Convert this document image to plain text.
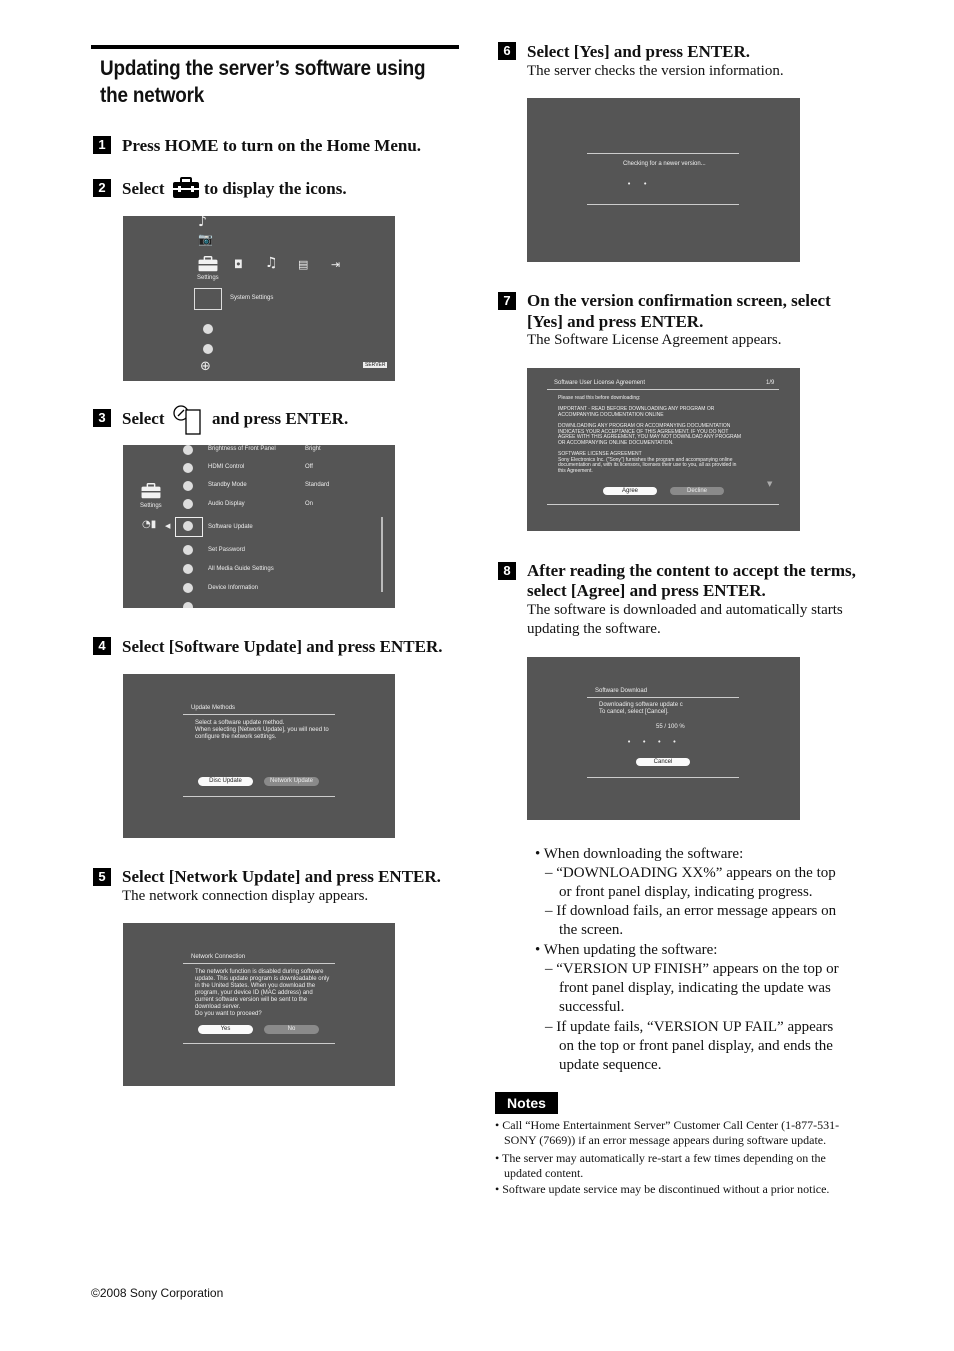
Updating the server’s software using
the network
1 Press HOME to turn on the Home Menu.
2 Select to display the icons.
♪
📷
Settings
◘ ♫ ▤ ⇥
System Settings
⊕	SERVER
3 Select	and press ENTER.
Settings
◔▮ ◀
Brightness of Front Panel	Bright
HDMI Control	Off
Standby Mode	Standard
Audio Display	On
Software Update
Set Password
All Media Guide Settings
Device Information
4 Select [Software Update] and press ENTER.
Update Methods
Select a software update method.
When selecting [Network Update], you will need to
configure the network settings.
Disc Update	Network Update
5 Select [Network Update] and press ENTER.
The network connection display appears.
Network Connection
The network function is disabled during software
update. This update program is downloadable only
in the United States. When you download the
program, your device ID (MAC address) and
current software version will be sent to the
download server.
Do you want to proceed?
Yes	No
6 Select [Yes] and press ENTER.
The server checks the version information.
Checking for a newer version...
••
7 On the version confirmation screen, select
[Yes] and press ENTER.
The Software License Agreement appears.
Software User License Agreement	1/9
Please read this before downloading:
IMPORTANT - READ BEFORE DOWNLOADING ANY PROGRAM OR
ACCOMPANYING DOCUMENTATION ONLINE
DOWNLOADING ANY PROGRAM OR ACCOMPANYING DOCUMENTATION
INDICATES YOUR ACCEPTANCE OF THIS AGREEMENT. IF YOU DO NOT
AGREE WITH THIS AGREEMENT, YOU MAY NOT DOWNLOAD ANY PROGRAM
OR ACCOMPANYING ONLINE DOCUMENTATION.
SOFTWARE LICENSE AGREEMENT
Sony Electronics Inc. ("Sony") furnishes the program and accompanying online
documentation and, with its licensors, licenses their use to you, all as provided in
this Agreement.
Agree	Decline
▼
8 After reading the content to accept the terms,
select [Agree] and press ENTER.
The software is downloaded and automatically starts
updating the software.
Software Download
Downloading software update c
To cancel, select [Cancel].
55 / 100 %
••••
Cancel
• When downloading the software:
– “DOWNLOADING XX%” appears on the top
or front panel display, indicating progress.
– If download fails, an error message appears on
the screen.
• When updating the software:
– “VERSION UP FINISH” appears on the top or
front panel display, indicating the update was
successful.
– If update fails, “VERSION UP FAIL” appears
on the top or front panel display, and ends the
update sequence.
Notes
• Call “Home Entertainment Server” Customer Call Center (1-877-531-
SONY (7669)) if an error message appears during software update.
• The server may automatically re-start a few times depending on the
updated content.
• Software update service may be discontinued without a prior notice.
©2008 Sony Corporation
